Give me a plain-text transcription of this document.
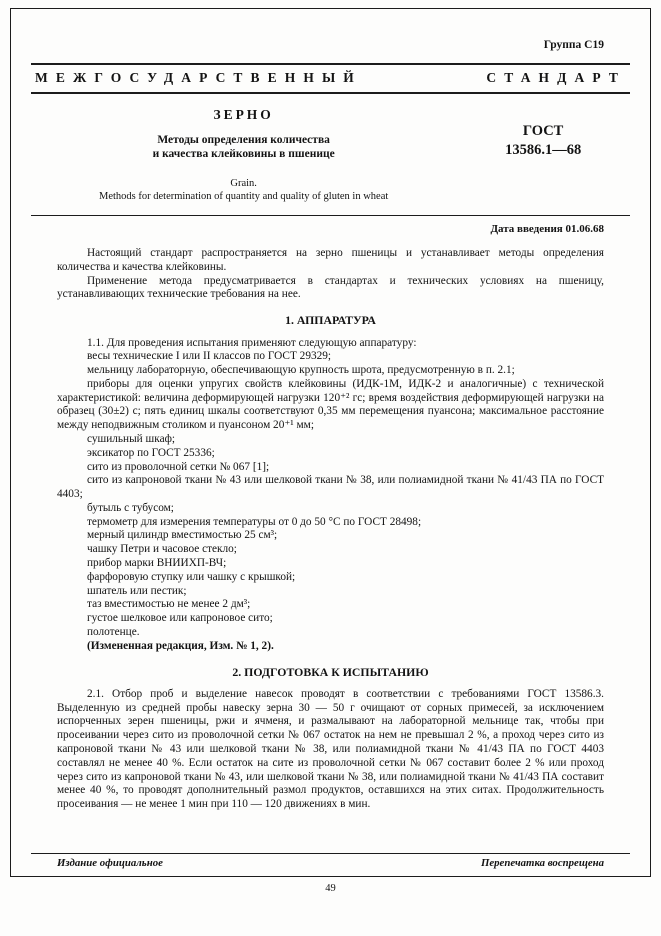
Группа С19
МЕЖГОСУДАРСТВЕННЫЙ	СТАНДАРТ
ЗЕРНО
Методы определения количества
и качества клейковины в пшенице
Grain.
Methods for determination of quantity and quality of gluten in wheat
ГОСТ
13586.1—68
Дата введения 01.06.68

Настоящий стандарт распространяется на зерно пшеницы и устанавливает методы определения количества и качества клейковины.

Применение метода предусматривается в стандартах и технических условиях на пшеницу, устанавливающих технические требования на нее.

1. АППАРАТУРА

1.1. Для проведения испытания применяют следующую аппаратуру:

весы технические I или II классов по ГОСТ 29329;

мельницу лабораторную, обеспечивающую крупность шрота, предусмотренную в п. 2.1;

приборы для оценки упругих свойств клейковины (ИДК-1М, ИДК-2 и аналогичные) с технической характеристикой: величина деформирующей нагрузки 120⁺² гс; время воздействия деформирующей нагрузки на образец (30±2) с; пять единиц шкалы соответствуют 0,35 мм перемещения пуансона; максимальное расстояние между неподвижным столиком и пуансоном 20⁺¹ мм;

сушильный шкаф;

эксикатор по ГОСТ 25336;

сито из проволочной сетки № 067 [1];

сито из капроновой ткани № 43 или шелковой ткани № 38, или полиамидной ткани № 41/43 ПА по ГОСТ 4403;

бутыль с тубусом;

термометр для измерения температуры от 0 до 50 °С по ГОСТ 28498;

мерный цилиндр вместимостью 25 см³;

чашку Петри и часовое стекло;

прибор марки ВНИИХП-ВЧ;

фарфоровую ступку или чашку с крышкой;

шпатель или пестик;

таз вместимостью не менее 2 дм³;

густое шелковое или капроновое сито;

полотенце.

(Измененная редакция, Изм. № 1, 2).

2. ПОДГОТОВКА К ИСПЫТАНИЮ

2.1. Отбор проб и выделение навесок проводят в соответствии с требованиями ГОСТ 13586.3. Выделенную из средней пробы навеску зерна 30 — 50 г очищают от сорных примесей, за исключением испорченных зерен пшеницы, ржи и ячменя, и размалывают на лабораторной мельнице так, чтобы при просеивании через сито из проволочной сетки № 067 остаток на нем не превышал 2 %, а проход через сито из капроновой ткани № 43 или шелковой ткани № 38, или полиамидной ткани № 41/43 ПА по ГОСТ 4403 составлял не менее 40 %. Если остаток на сите из проволочной сетки № 067 составит более 2 % или проход через сито из капроновой ткани № 43, или шелковой ткани № 38, или полиамидной ткани № 41/43 ПА составит менее 40 %, то проводят дополнительный размол продуктов, оставшихся на этих ситах. Продолжительность просеивания — не менее 1 мин при 110 — 120 движениях в мин.

Издание официальное	Перепечатка воспрещена
49
